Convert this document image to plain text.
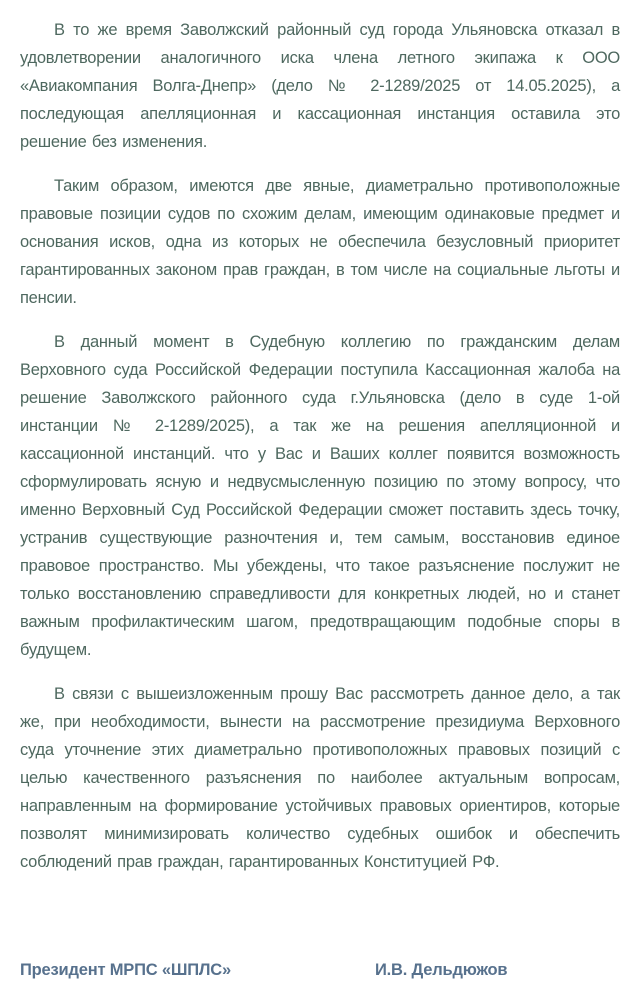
В то же время Заволжский районный суд города Ульяновска отказал в удовлетворении аналогичного иска члена летного экипажа к ООО «Авиакомпания Волга-Днепр» (дело № 2-1289/2025 от 14.05.2025), а последующая апелляционная и кассационная инстанция оставила это решение без изменения.

Таким образом, имеются две явные, диаметрально противоположные правовые позиции судов по схожим делам, имеющим одинаковые предмет и основания исков, одна из которых не обеспечила безусловный приоритет гарантированных законом прав граждан, в том числе на социальные льготы и пенсии.

В данный момент в Судебную коллегию по гражданским делам Верховного суда Российской Федерации поступила Кассационная жалоба на решение Заволжского районного суда г.Ульяновска (дело в суде 1-ой инстанции № 2-1289/2025), а так же на решения апелляционной и кассационной инстанций. что у Вас и Ваших коллег появится возможность сформулировать ясную и недвусмысленную позицию по этому вопросу, что именно Верховный Суд Российской Федерации сможет поставить здесь точку, устранив существующие разночтения и, тем самым, восстановив единое правовое пространство. Мы убеждены, что такое разъяснение послужит не только восстановлению справедливости для конкретных людей, но и станет важным профилактическим шагом, предотвращающим подобные споры в будущем.

В связи с вышеизложенным прошу Вас рассмотреть данное дело, а так же, при необходимости, вынести на рассмотрение президиума Верховного суда уточнение этих диаметрально противоположных правовых позиций с целью качественного разъяснения по наиболее актуальным вопросам, направленным на формирование устойчивых правовых ориентиров, которые позволят минимизировать количество судебных ошибок и обеспечить соблюдений прав граждан, гарантированных Конституцией РФ.

Президент МРПС «ШПЛС»	И.В. Дельдюжов
